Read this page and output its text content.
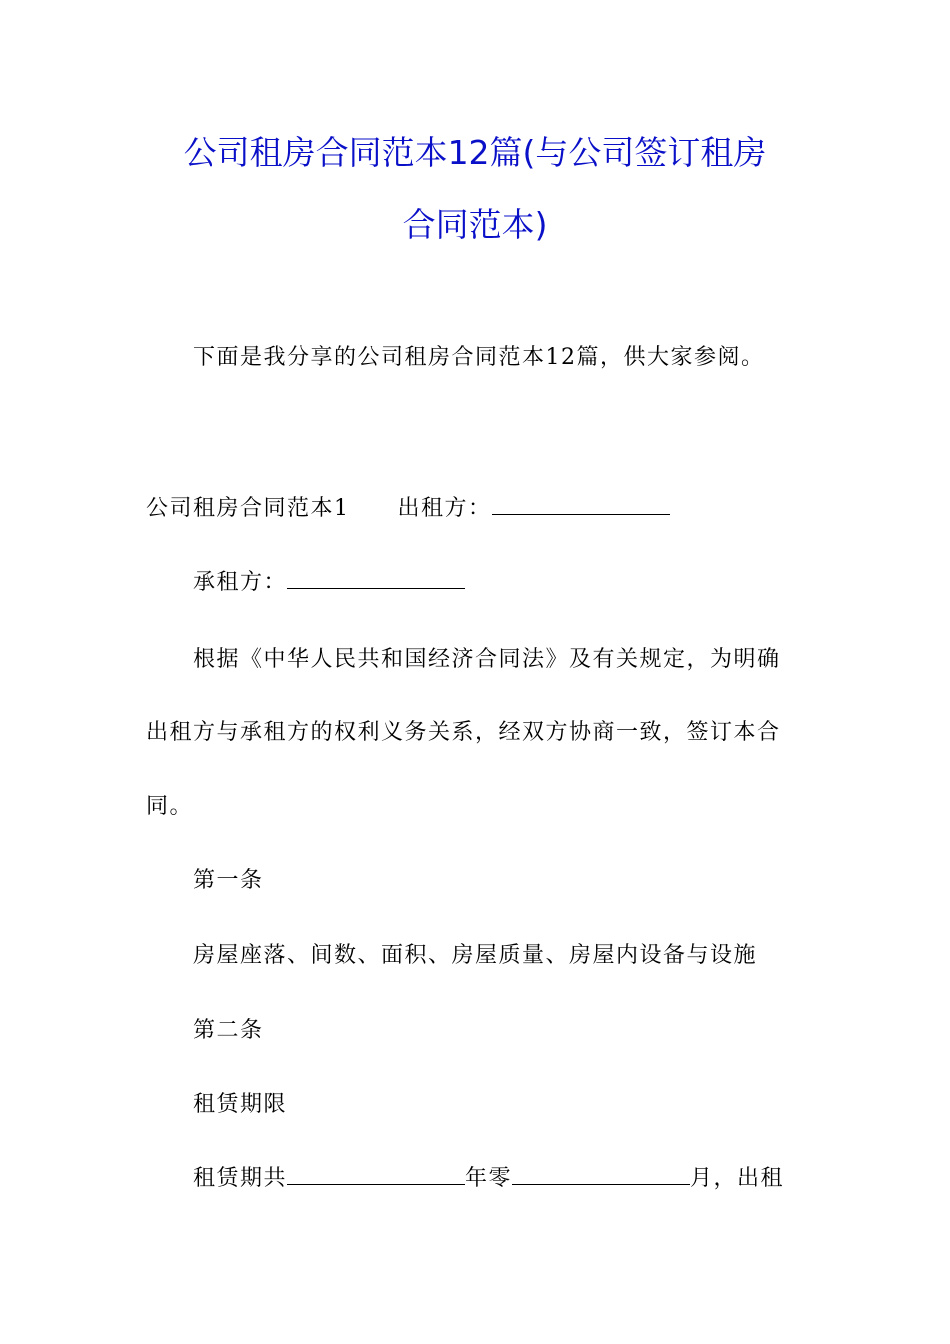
公司租房合同范本12篇(与公司签订租房
合同范本)
下面是我分享的公司租房合同范本12篇，供大家参阅。
公司租房合同范本1 出租方：
承租方：
根据《中华人民共和国经济合同法》及有关规定，为明确
出租方与承租方的权利义务关系，经双方协商一致，签订本合
同。
第一条
房屋座落、间数、面积、房屋质量、房屋内设备与设施
第二条
租赁期限
租赁期共	年零	月，出租
